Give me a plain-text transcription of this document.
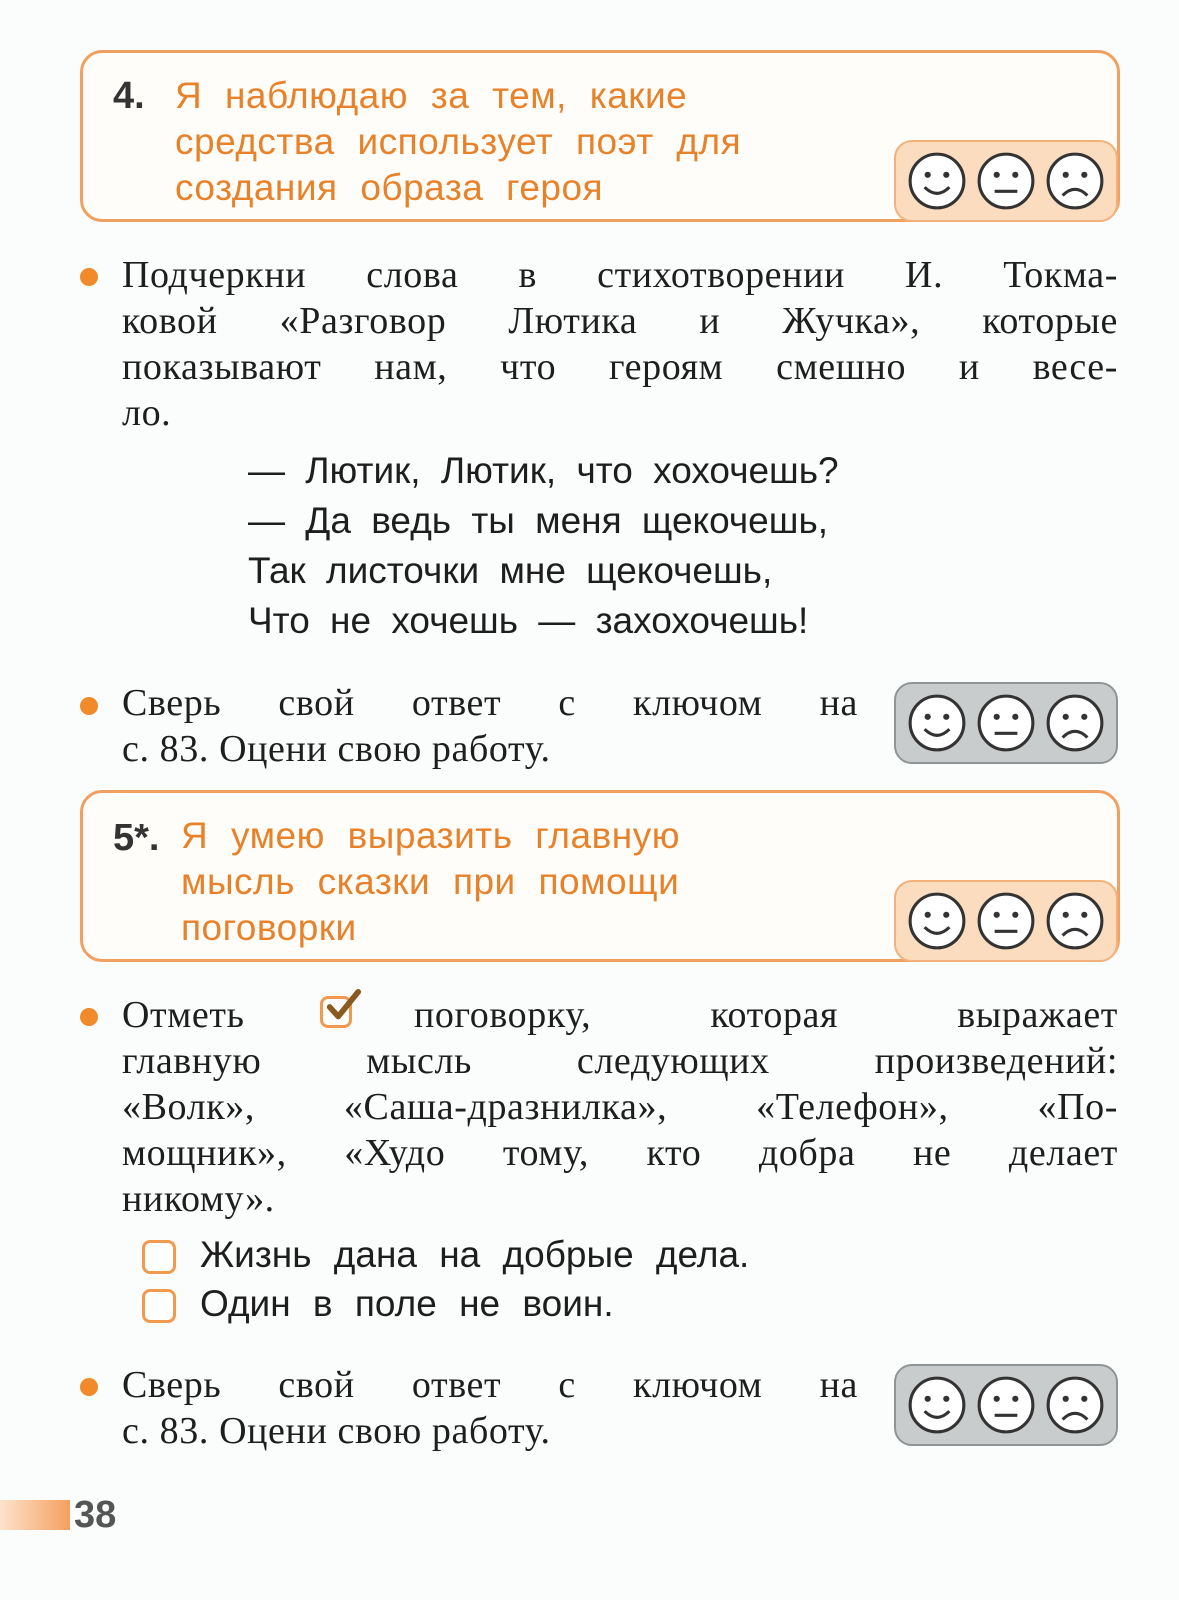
4. Я наблюдаю за тем, какие
средства использует поэт для
создания образа героя
Подчеркни слова в стихотворении И. Токма-
ковой «Разговор Лютика и Жучка», которые
показывают нам, что героям смешно и весе-
ло.
— Лютик, Лютик, что хохочешь?
— Да ведь ты меня щекочешь,
Так листочки мне щекочешь,
Что не хочешь — захохочешь!
Сверь свой ответ с ключом на
с. 83. Оцени свою работу.
5*. Я умею выразить главную
мысль сказки при помощи
поговорки
Отметь	поговорку, которая выражает
главную мысль следующих произведений:
«Волк», «Саша-дразнилка», «Телефон», «По-
мощник», «Худо тому, кто добра не делает
никому».
Жизнь дана на добрые дела.
Один в поле не воин.
Сверь свой ответ с ключом на
с. 83. Оцени свою работу.
38
